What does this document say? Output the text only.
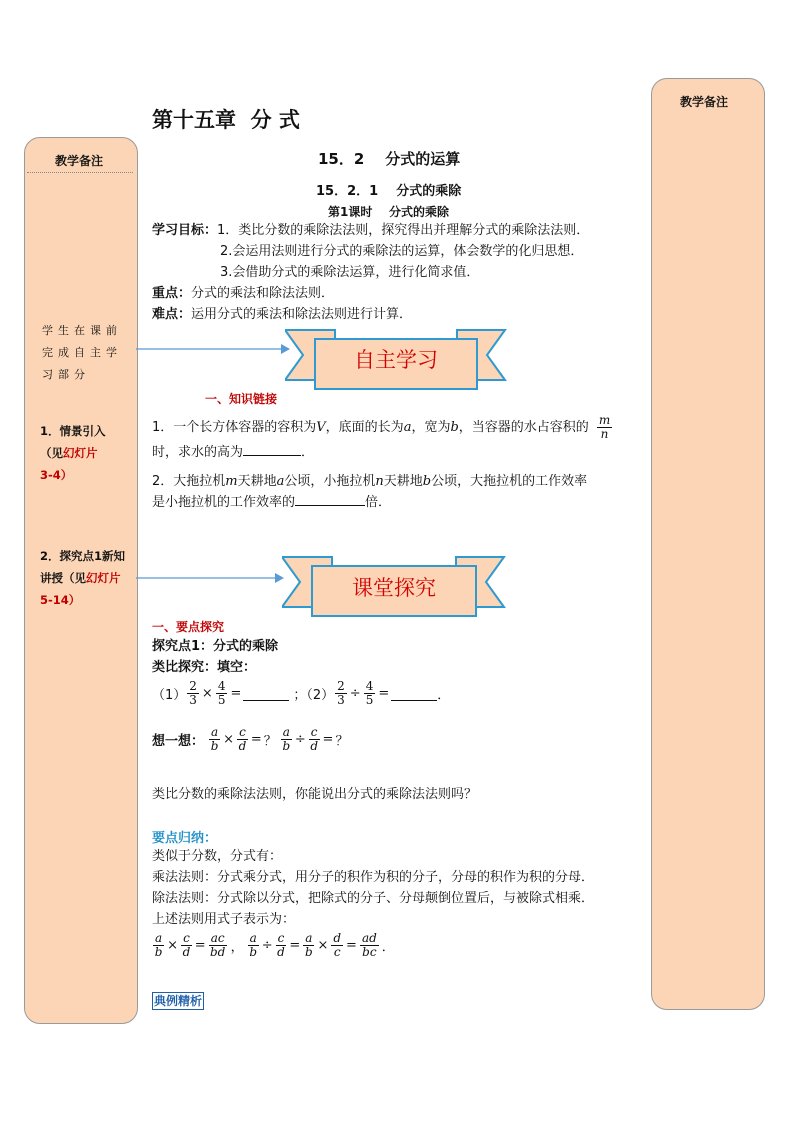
教学备注
学生在课前完成自主学习部分
1．情景引入（见幻灯片
3-4）
2．探究点1新知讲授（见幻灯片
5-14）
教学备注
第十五章  分 式
15．2    分式的运算
15．2．1    分式的乘除
第1课时    分式的乘除
学习目标：1．类比分数的乘除法法则，探究得出并理解分式的乘除法法则．
2.会运用法则进行分式的乘除法的运算，体会数学的化归思想．
3.会借助分式的乘除法运算，进行化简求值．
重点：分式的乘法和除法法则．
难点：运用分式的乘法和除法法则进行计算．
自主学习
一、知识链接
1．一个长方体容器的容积为 V ，底面的长为 a ，宽为 b ，当容器的水占容积的 $\frac{m}{n}$
时，求水的高为	．
2．大拖拉机m天耕地a公顷，小拖拉机n天耕地b公顷，大拖拉机的工作效率
是小拖拉机的工作效率的	倍．
课堂探究
一、要点探究
探究点1：分式的乘除
类比探究：填空：
$(1) \frac{2}{3} \times \frac{4}{5}$ =	；$(2) \frac{2}{3} \div \frac{4}{5}$ =	．
想一想： $\frac{a}{b} \times \frac{c}{d}$ = ？ $\frac{a}{b} \div \frac{c}{d}$ = ？
类比分数的乘除法法则，你能说出分式的乘除法法则吗？
要点归纳：
类似于分数，分式有：
乘法法则：分式乘分式，用分子的积作为积的分子，分母的积作为积的分母．
除法法则：分式除以分式，把除式的分子、分母颠倒位置后，与被除式相乘．
上述法则用式子表示为：
$\frac{a}{b} \times \frac{c}{d} = \frac{ac}{bd}$ ， $\frac{a}{b} \div \frac{c}{d} = \frac{a}{b} \times \frac{d}{c} = \frac{ad}{bc}$ ．
典例精析
